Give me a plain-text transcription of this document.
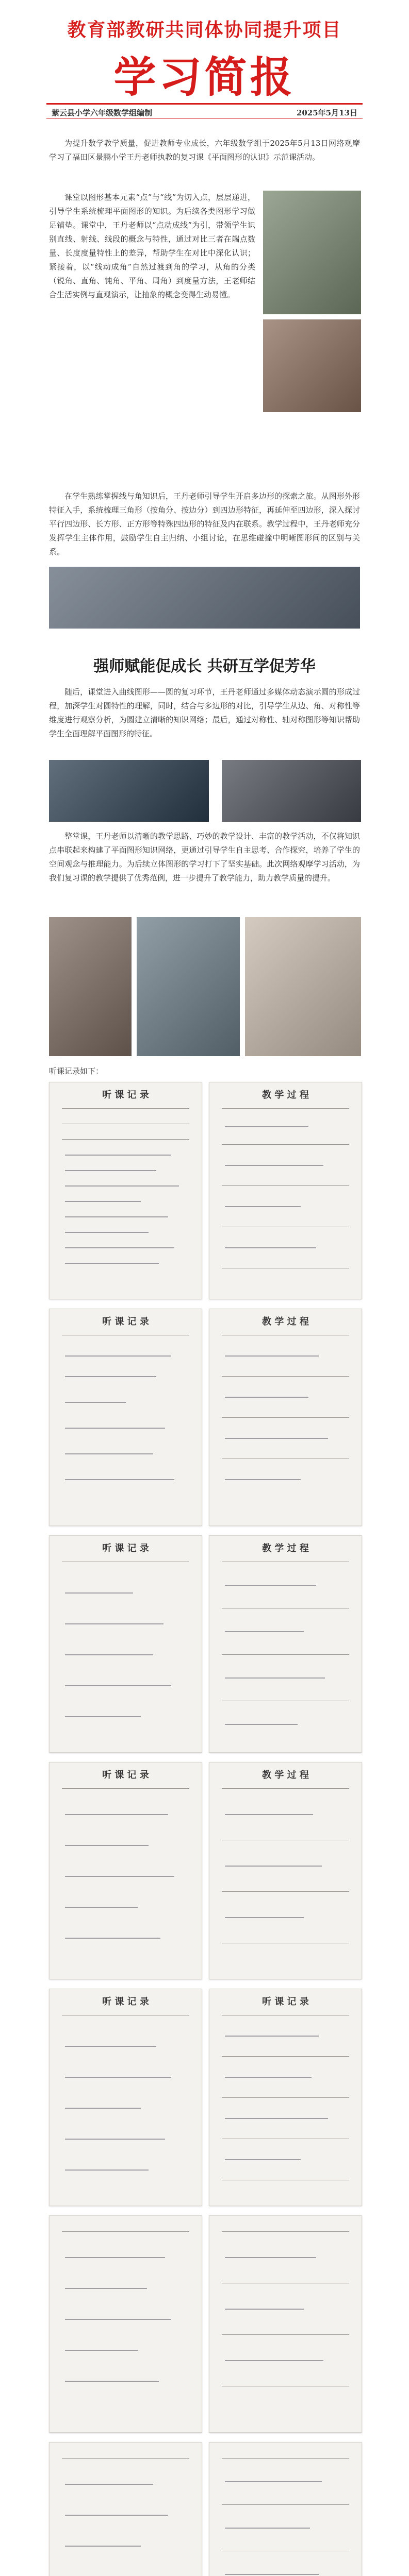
教育部教研共同体协同提升项目
学习简报
紫云县小学六年级数学组编制	2025年5月13日

为提升数学教学质量，促进教师专业成长，六年级数学组于2025年5月13日网络观摩学习了福田区景鹏小学王丹老师执教的复习课《平面图形的认识》示范课活动。

课堂以图形基本元素“点”与“线”为切入点，层层递进，引导学生系统梳理平面图形的知识。为后续各类图形学习做足铺垫。课堂中，王丹老师以“点动成线”为引，带领学生识别直线、射线、线段的概念与特性，通过对比三者在端点数量、长度度量特性上的差异，帮助学生在对比中深化认识；紧接着，以“线动成角”自然过渡到角的学习，从角的分类（锐角、直角、钝角、平角、周角）到度量方法，王老师结合生活实例与直观演示，让抽象的概念变得生动易懂。

在学生熟练掌握线与角知识后，王丹老师引导学生开启多边形的探索之旅。从图形外形特征入手，系统梳理三角形（按角分、按边分）到四边形特征，再延伸至四边形，深入探讨平行四边形、长方形、正方形等特殊四边形的特征及内在联系。教学过程中，王丹老师充分发挥学生主体作用，鼓励学生自主归纳、小组讨论，在思维碰撞中明晰图形间的区别与关系。

强师赋能促成长 共研互学促芳华

随后，课堂进入曲线图形——圆的复习环节，王丹老师通过多媒体动态演示圆的形成过程，加深学生对圆特性的理解，同时，结合与多边形的对比，引导学生从边、角、对称性等维度进行观察分析，为圆建立清晰的知识网络；最后，通过对称性、轴对称图形等知识帮助学生全面理解平面图形的特征。

整堂课，王丹老师以清晰的教学思路、巧妙的教学设计、丰富的教学活动，不仅将知识点串联起来构建了平面图形知识网络，更通过引导学生自主思考、合作探究，培养了学生的空间观念与推理能力。为后续立体图形的学习打下了坚实基础。此次网络观摩学习活动，为我们复习课的教学提供了优秀范例，进一步提升了教学能力，助力教学质量的提升。

听课记录如下：
听 课 记 录	教 学 过 程
听 课 记 录	教 学 过 程
听 课 记 录	教 学 过 程
听 课 记 录	教 学 过 程
听 课 记 录	听 课 记 录
